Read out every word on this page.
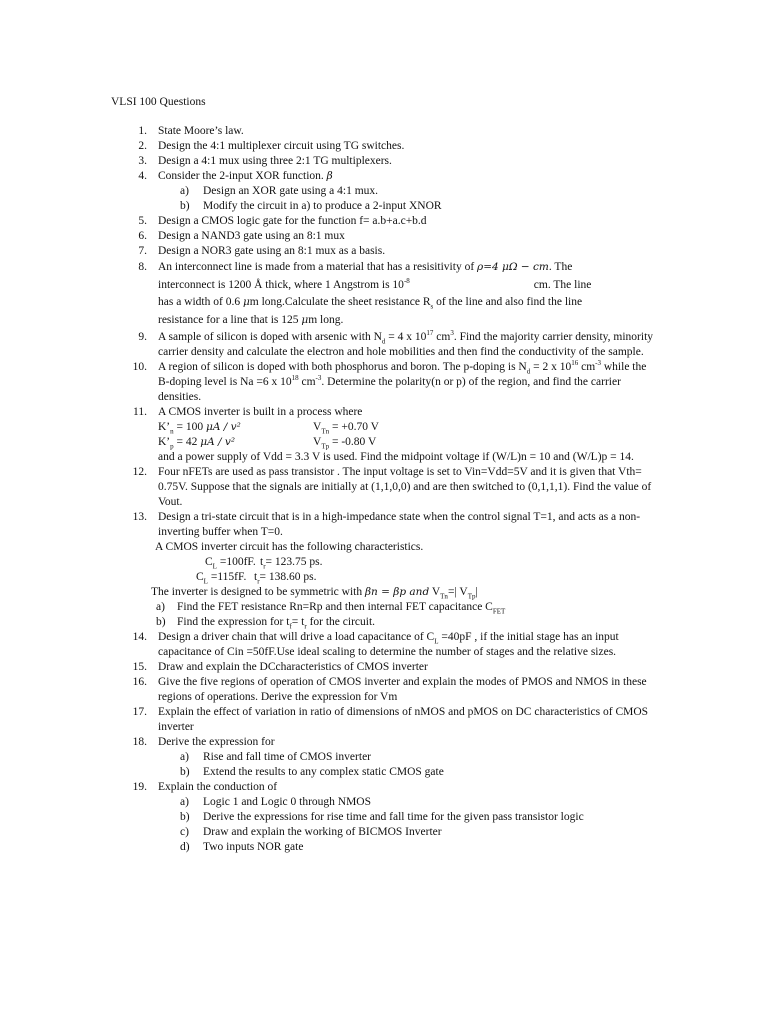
VLSI 100 Questions
1. State Moore’s law.
2. Design the 4:1 multiplexer circuit using TG switches.
3. Design a 4:1 mux using three 2:1 TG multiplexers.
4. Consider the 2-input XOR function. β
a) Design an XOR gate using a 4:1 mux.
b) Modify the circuit in a) to produce a 2-input XNOR
5. Design a CMOS logic gate for the function f= a.b+a.c+b.d
6. Design a NAND3 gate using an 8:1 mux
7. Design a NOR3 gate using an 8:1 mux as a basis.
8. An interconnect line is made from a material that has a resisitivity of ρ=4 μΩ − cm. The
interconnect is 1200 Å thick, where 1 Angstrom is $10^{-8}$	cm. The line
has a width of 0.6 μm long.Calculate the sheet resistance $R_s$ of the line and also find the line
resistance for a line that is 125 μm long.
9. A sample of silicon is doped with arsenic with $N_d = 4$ x $10^{17}$ $cm^3$. Find the majority carrier density, minority carrier density and calculate the electron and hole mobilities and then find the conductivity of the sample.
10. A region of silicon is doped with both phosphorus and boron. The p-doping is $N_d = 2$ x $10^{16}$ $cm^{-3}$ while the B-doping level is Na =6 x $10^{18}$ $cm^{-3}$. Determine the polarity(n or p) of the region, and find the carrier densities.
11. A CMOS inverter is built in a process where
$K’_n = 100$ μA / v²	$V_{Tn} = +0.70$ V
$K’_p = 42$ μA / v²	$V_{Tp} = -0.80$ V
and a power supply of Vdd = 3.3 V is used. Find the midpoint voltage if (W/L)n = 10 and (W/L)p = 14.
12. Four nFETs are used as pass transistor . The input voltage is set to Vin=Vdd=5V and it is given that Vth= 0.75V. Suppose that the signals are initially at (1,1,0,0) and are then switched to (0,1,1,1). Find the value of Vout.
13. Design a tri-state circuit that is in a high-impedance state when the control signal T=1, and acts as a non-inverting buffer when T=0.
A CMOS inverter circuit has the following characteristics.
$C_L =100fF$. $t_r= 123.75$ ps.
$C_L =115fF$. $t_r= 138.60$ ps.
The inverter is designed to be symmetric with βn = βp and $V_{Tn}=|$ $V_{Tp}|$
a) Find the FET resistance Rn=Rp and then internal FET capacitance $C_{FET}$
b) Find the expression for $t_f= t_r$ for the circuit.
14. Design a driver chain that will drive a load capacitance of $C_L =40pF$ , if the initial stage has an input capacitance of Cin =50fF.Use ideal scaling to determine the number of stages and the relative sizes.
15. Draw and explain the DCcharacteristics of CMOS inverter
16. Give the five regions of operation of CMOS inverter and explain the modes of PMOS and NMOS in these regions of operations. Derive the expression for Vm
17. Explain the effect of variation in ratio of dimensions of nMOS and pMOS on DC characteristics of CMOS inverter
18. Derive the expression for
a) Rise and fall time of CMOS inverter
b) Extend the results to any complex static CMOS gate
19. Explain the conduction of
a) Logic 1 and Logic 0 through NMOS
b) Derive the expressions for rise time and fall time for the given pass transistor logic
c) Draw and explain the working of BICMOS Inverter
d) Two inputs NOR gate
